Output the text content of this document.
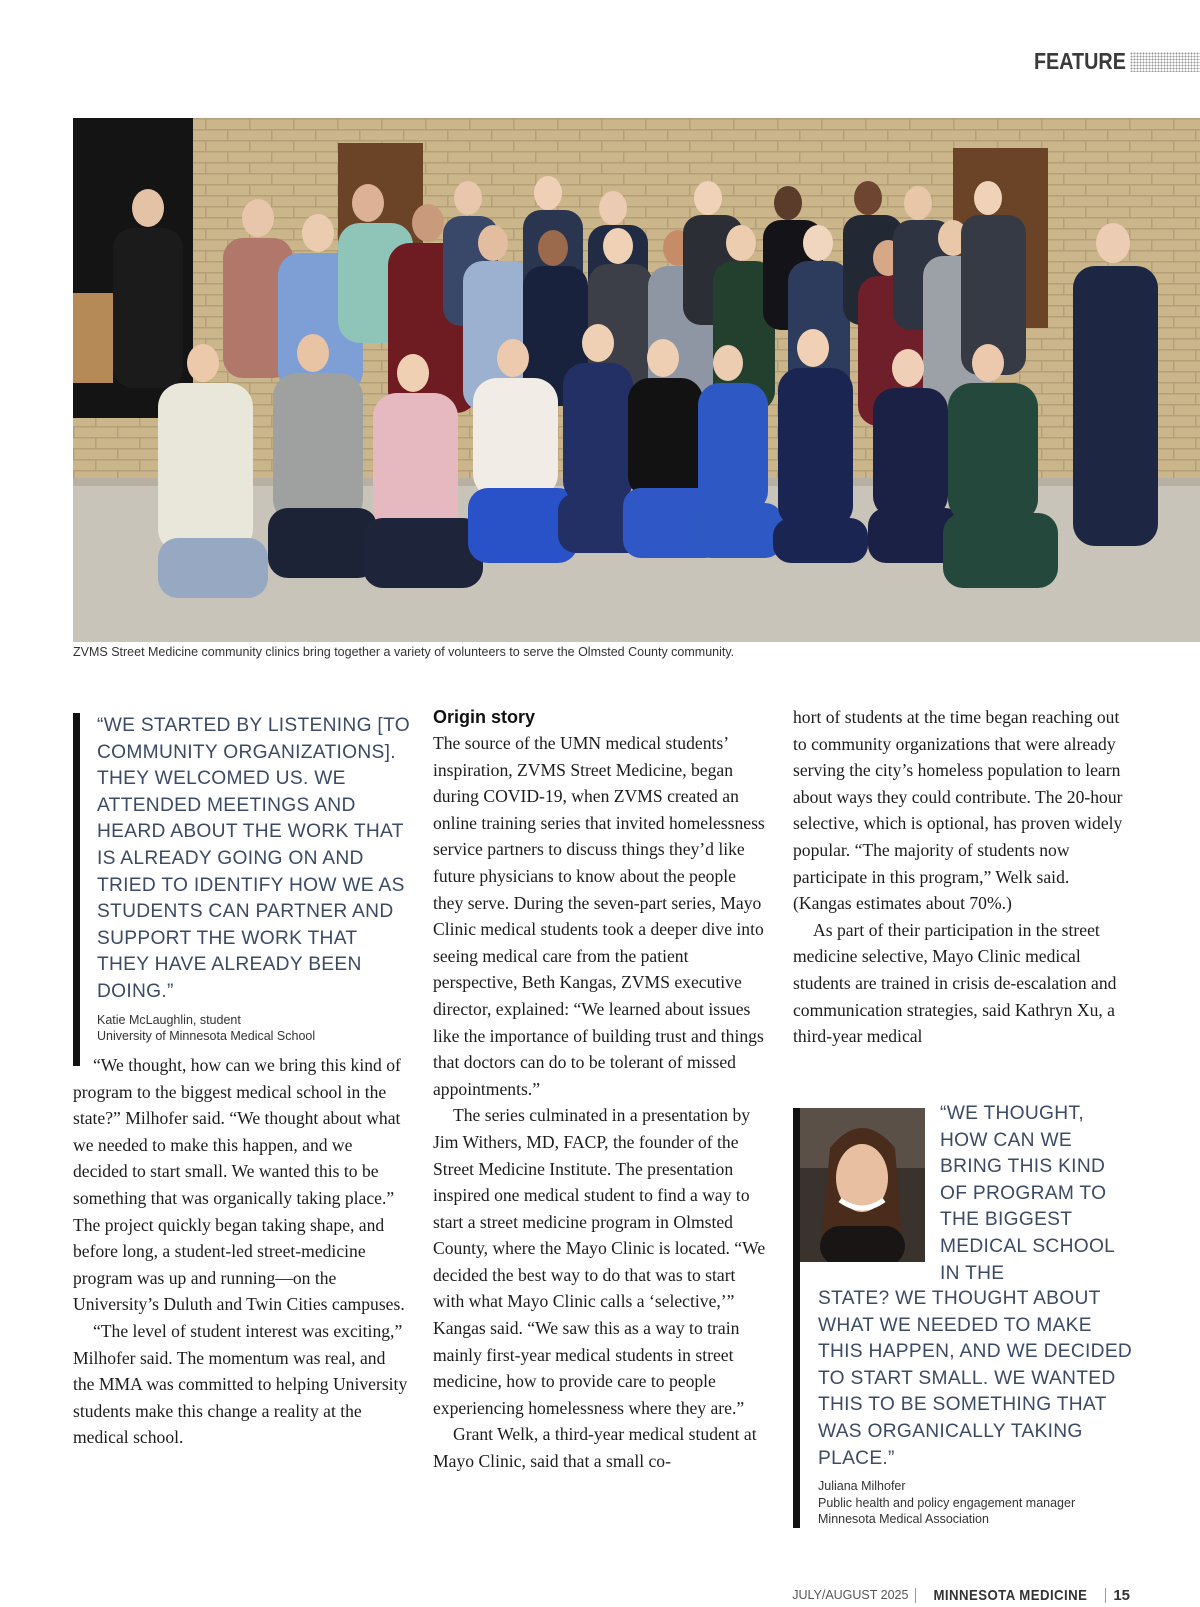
FEATURE
ZVMS Street Medicine community clinics bring together a variety of volunteers to serve the Olmsted County community.
“WE STARTED BY LISTENING [TO COMMUNITY ORGANIZATIONS]. THEY WELCOMED US. WE ATTENDED MEETINGS AND HEARD ABOUT THE WORK THAT IS ALREADY GOING ON AND TRIED TO IDENTIFY HOW WE AS STUDENTS CAN PARTNER AND SUPPORT THE WORK THAT THEY HAVE ALREADY BEEN DOING.”
Katie McLaughlin, student
University of Minnesota Medical School

“We thought, how can we bring this kind of program to the biggest medical school in the state?” Milhofer said. “We thought about what we needed to make this happen, and we decided to start small. We wanted this to be something that was organically taking place.” The project quickly began taking shape, and before long, a student-led street-medicine program was up and running—on the University’s Duluth and Twin Cities campuses.

“The level of student interest was exciting,” Milhofer said. The momentum was real, and the MMA was committed to helping University students make this change a reality at the medical school.

Origin story

The source of the UMN medical students’ inspiration, ZVMS Street Medicine, began during COVID-19, when ZVMS created an online training series that invited homelessness service partners to discuss things they’d like future physicians to know about the people they serve. During the seven-part series, Mayo Clinic medical students took a deeper dive into seeing medical care from the patient perspective, Beth Kangas, ZVMS executive director, explained: “We learned about issues like the importance of building trust and things that doctors can do to be tolerant of missed appointments.”

The series culminated in a presentation by Jim Withers, MD, FACP, the founder of the Street Medicine Institute. The presentation inspired one medical student to find a way to start a street medicine program in Olmsted County, where the Mayo Clinic is located. “We decided the best way to do that was to start with what Mayo Clinic calls a ‘selective,’” Kangas said. “We saw this as a way to train mainly first-year medical students in street medicine, how to provide care to people experiencing homelessness where they are.”

Grant Welk, a third-year medical student at Mayo Clinic, said that a small co-

hort of students at the time began reaching out to community organizations that were already serving the city’s homeless population to learn about ways they could contribute. The 20-hour selective, which is optional, has proven widely popular. “The majority of students now participate in this program,” Welk said. (Kangas estimates about 70%.)

As part of their participation in the street medicine selective, Mayo Clinic medical students are trained in crisis de-escalation and communication strategies, said Kathryn Xu, a third-year medical

“WE THOUGHT, HOW CAN WE BRING THIS KIND OF PROGRAM TO THE BIGGEST MEDICAL SCHOOL IN THE
STATE? WE THOUGHT ABOUT WHAT WE NEEDED TO MAKE THIS HAPPEN, AND WE DECIDED TO START SMALL. WE WANTED THIS TO BE SOMETHING THAT WAS ORGANICALLY TAKING PLACE.”
Juliana Milhofer
Public health and policy engagement manager
Minnesota Medical Association
JULY/AUGUST 2025 MINNESOTA MEDICINE 15
